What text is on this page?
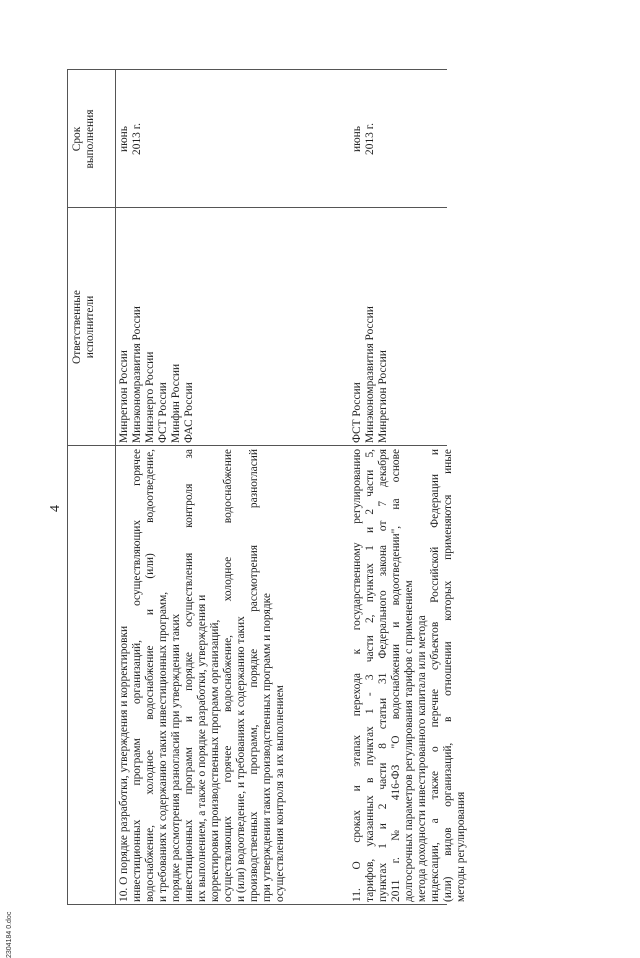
4
Ответственные исполнители
Срок выполнения
10. О порядке разработки, утверждения и корректировки инвестиционных программ организаций, осуществляющих горячее водоснабжение, холодное водоснабжение и (или) водоотведение, и требованиях к содержанию таких инвестиционных программ, порядке рассмотрения разногласий при утверждении таких инвестиционных программ и порядке осуществления контроля за их выполнением, а также о порядке разработки, утверждения и корректировки производственных программ организаций, осуществляющих горячее водоснабжение, холодное водоснабжение и (или) водоотведение, и требованиях к содержанию таких производственных программ, порядке рассмотрения разногласий при утверждении таких производственных программ и порядке осуществления контроля за их выполнением
Минрегион России Минэкономразвития России Минэнерго России ФСТ России Минфин России ФАС России
июнь 2013 г.
11. О сроках и этапах перехода к государственному регулированию тарифов, указанных в пунктах 1 - 3 части 2, пунктах 1 и 2 части 5, пунктах 1 и 2 части 8 статьи 31 Федерального закона от 7 декабря 2011 г. № 416-ФЗ "О водоснабжении и водоотведении", на основе долгосрочных параметров регулирования тарифов с применением метода доходности инвестированного капитала или метода индексации, а также о перечне субъектов Российской Федерации и (или) видов организаций, в отношении которых применяются иные методы регулирования
ФСТ России Минэкономразвития России Минрегион России
июнь 2013 г.
2304184 0.doc
